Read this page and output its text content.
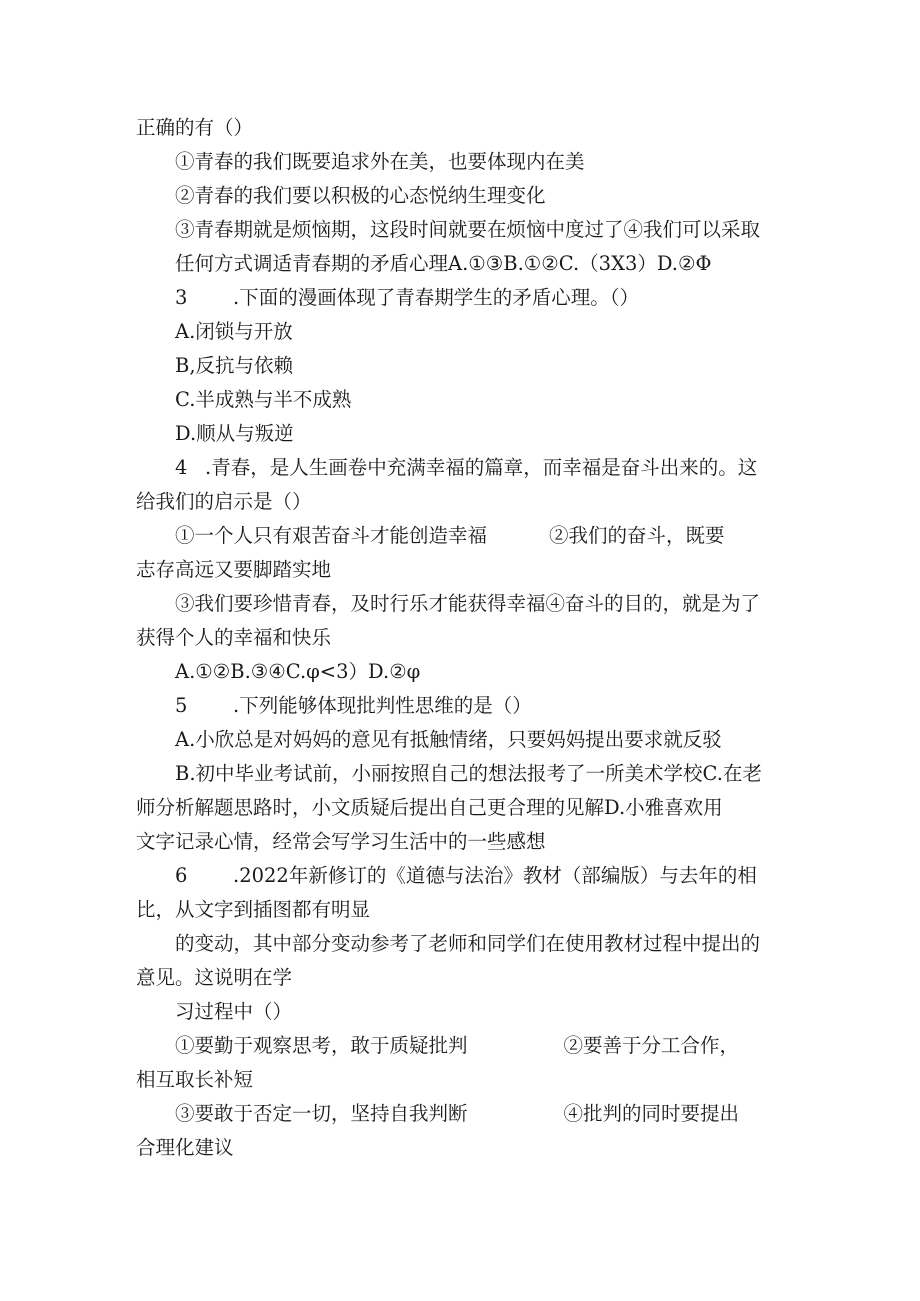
正确的有（）
①青春的我们既要追求外在美，也要体现内在美
②青春的我们要以积极的心态悦纳生理变化
③青春期就是烦恼期，这段时间就要在烦恼中度过了④我们可以采取
任何方式调适青春期的矛盾心理A.①③B.①②C.（3X3）D.②Φ
3 .下面的漫画体现了青春期学生的矛盾心理。（）
A.闭锁与开放
B,反抗与依赖
C.半成熟与半不成熟
D.顺从与叛逆
4 .青春，是人生画卷中充满幸福的篇章，而幸福是奋斗出来的。这
给我们的启示是（）
①一个人只有艰苦奋斗才能创造幸福	②我们的奋斗，既要
志存高远又要脚踏实地
③我们要珍惜青春，及时行乐才能获得幸福④奋斗的目的，就是为了
获得个人的幸福和快乐
A.①②B.③④C.φ<3）D.②φ
5 .下列能够体现批判性思维的是（）
A.小欣总是对妈妈的意见有抵触情绪，只要妈妈提出要求就反驳
B.初中毕业考试前，小丽按照自己的想法报考了一所美术学校C.在老
师分析解题思路时，小文质疑后提出自己更合理的见解D.小雅喜欢用
文字记录心情，经常会写学习生活中的一些感想
6 .2022年新修订的《道德与法治》教材（部编版）与去年的相
比，从文字到插图都有明显
的变动，其中部分变动参考了老师和同学们在使用教材过程中提出的
意见。这说明在学
习过程中（）
①要勤于观察思考，敢于质疑批判	②要善于分工合作，
相互取长补短
③要敢于否定一切，坚持自我判断	④批判的同时要提出
合理化建议
